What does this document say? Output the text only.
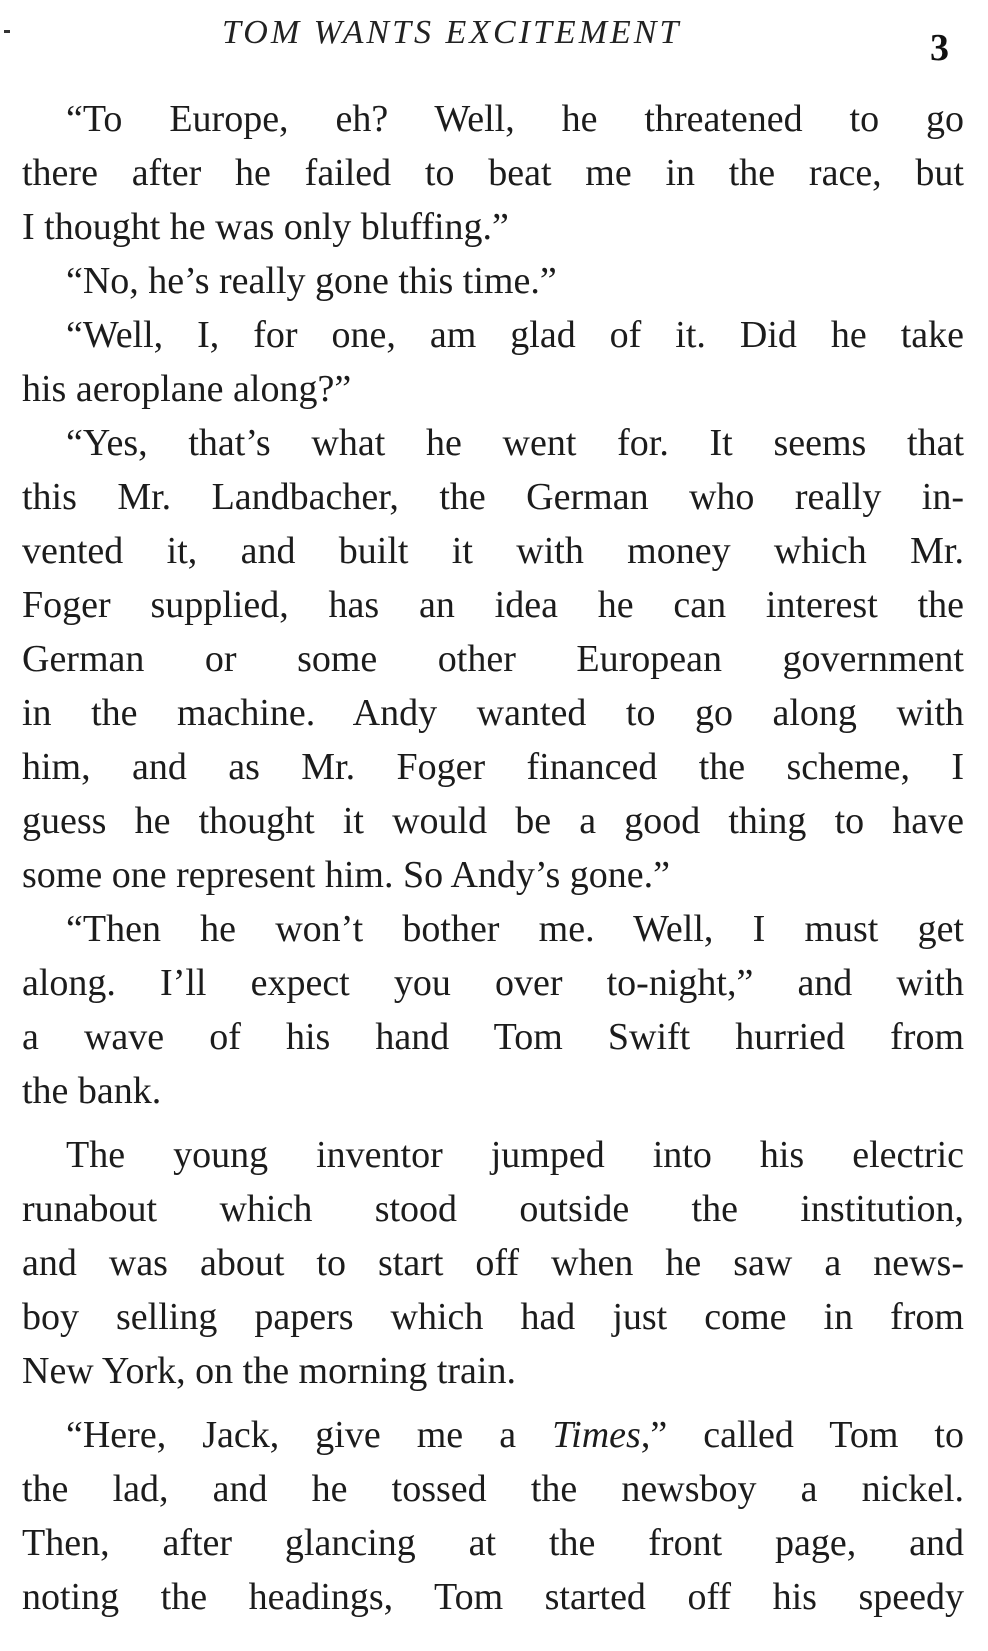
TOM WANTS EXCITEMENT	3
“To Europe, eh? Well, he threatened to go
there after he failed to beat me in the race, but
I thought he was only bluffing.”
“No, he’s really gone this time.”
“Well, I, for one, am glad of it. Did he take
his aeroplane along?”
“Yes, that’s what he went for. It seems that
this Mr. Landbacher, the German who really in-
vented it, and built it with money which Mr.
Foger supplied, has an idea he can interest the
German or some other European government
in the machine. Andy wanted to go along with
him, and as Mr. Foger financed the scheme, I
guess he thought it would be a good thing to have
some one represent him. So Andy’s gone.”
“Then he won’t bother me. Well, I must get
along. I’ll expect you over to-night,” and with
a wave of his hand Tom Swift hurried from
the bank.
The young inventor jumped into his electric
runabout which stood outside the institution,
and was about to start off when he saw a news-
boy selling papers which had just come in from
New York, on the morning train.
“Here, Jack, give me a Times,” called Tom to
the lad, and he tossed the newsboy a nickel.
Then, after glancing at the front page, and
noting the headings, Tom started off his speedy
